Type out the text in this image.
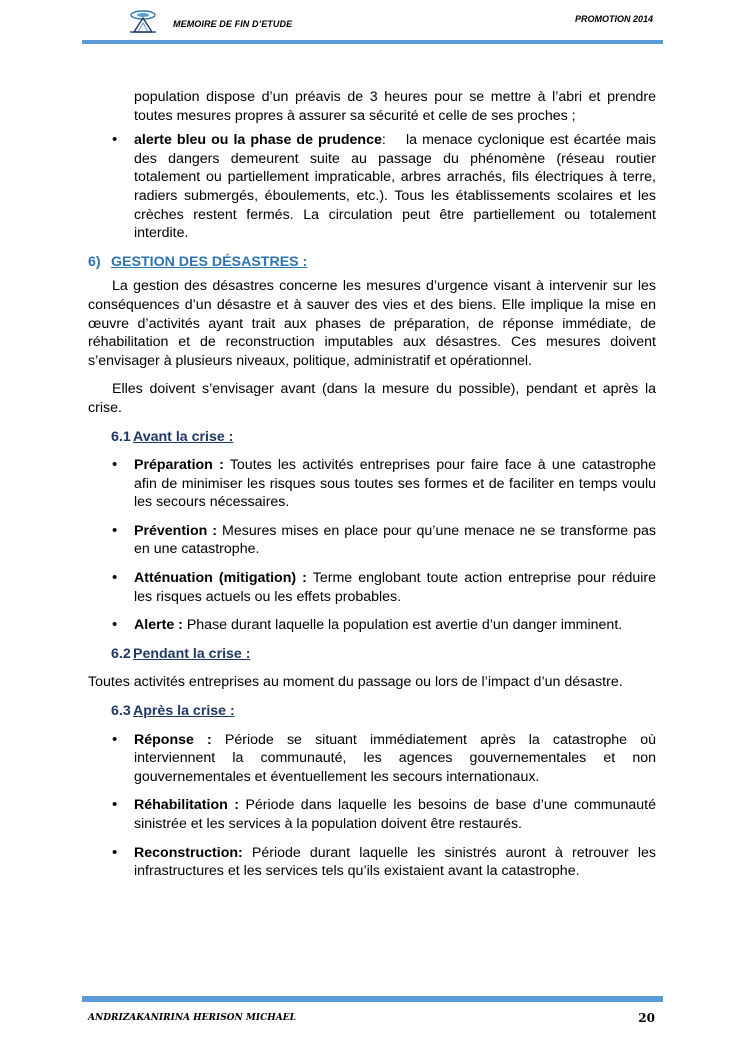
MEMOIRE DE FIN D’ETUDE	PROMOTION 2014

population dispose d’un préavis de 3 heures pour se mettre à l’abri et prendre toutes mesures propres à assurer sa sécurité et celle de ses proches ;

• alerte bleu ou la phase de prudence:    la menace cyclonique est écartée mais des dangers demeurent suite au passage du phénomène (réseau routier totalement ou partiellement impraticable, arbres arrachés, fils électriques à terre, radiers submergés, éboulements, etc.). Tous les établissements scolaires et les crèches restent fermés. La circulation peut être partiellement ou totalement interdite.
6) GESTION DES DÉSASTRES :

La gestion des désastres concerne les mesures d’urgence visant à intervenir sur les conséquences d’un désastre et à sauver des vies et des biens. Elle implique la mise en œuvre d’activités ayant trait aux phases de préparation, de réponse immédiate, de réhabilitation et de reconstruction imputables aux désastres. Ces mesures doivent s’envisager à plusieurs niveaux, politique, administratif et opérationnel.

Elles doivent s’envisager avant (dans la mesure du possible), pendant et après la crise.

6.1 Avant la crise :
• Préparation : Toutes les activités entreprises pour faire face à une catastrophe afin de minimiser les risques sous toutes ses formes et de faciliter en temps voulu les secours nécessaires.
• Prévention : Mesures mises en place pour qu’une menace ne se transforme pas en une catastrophe.
• Atténuation (mitigation) : Terme englobant toute action entreprise pour réduire les risques actuels ou les effets probables.
• Alerte : Phase durant laquelle la population est avertie d’un danger imminent.
6.2 Pendant la crise :

Toutes activités entreprises au moment du passage ou lors de l’impact d’un désastre.

6.3 Après la crise :
• Réponse : Période se situant immédiatement après la catastrophe où interviennent la communauté, les agences gouvernementales et non gouvernementales et éventuellement les secours internationaux.
• Réhabilitation : Période dans laquelle les besoins de base d’une communauté sinistrée et les services à la population doivent être restaurés.
• Reconstruction: Période durant laquelle les sinistrés auront à retrouver les infrastructures et les services tels qu’ils existaient avant la catastrophe.
ANDRIZAKANIRINA HERISON MICHAEL	20
